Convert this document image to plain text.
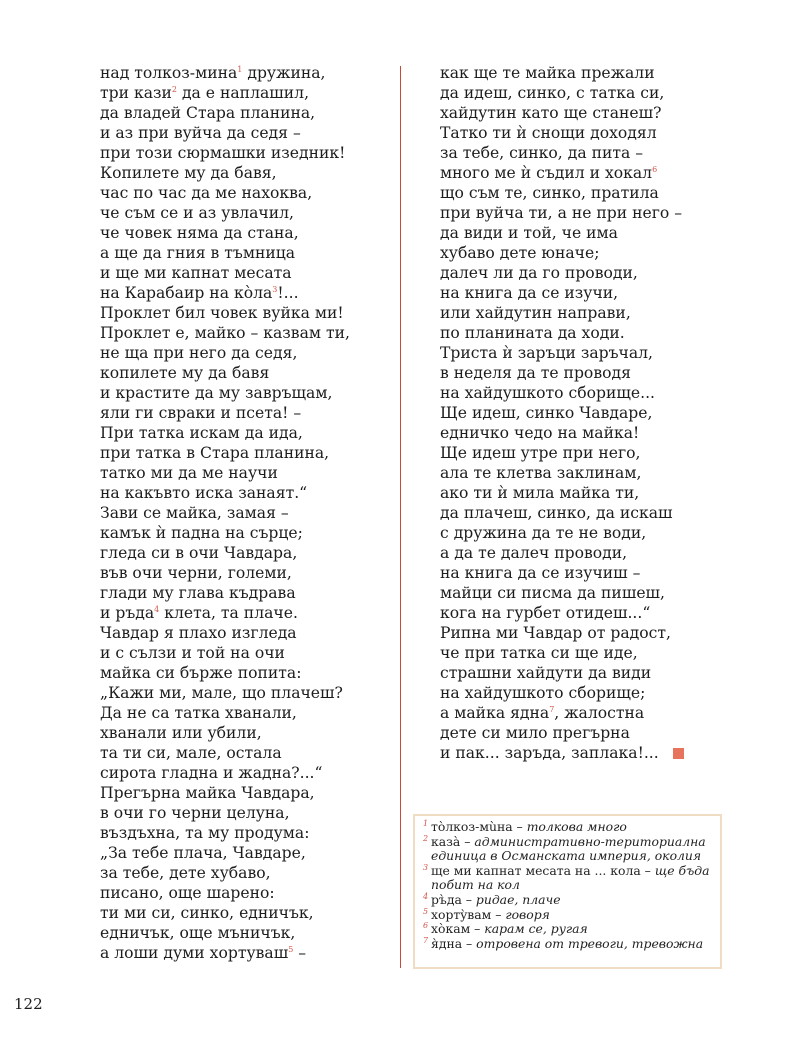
над толкоз-мина$^1$ дружина,
три кази$^2$ да е наплашил,
да владей Стара планина,
и аз при вуйча да седя –
при този сюрмашки изедник!
Копилете му да бавя,
час по час да ме нахоква,
че съм се и аз увлачил,
че човек няма да стана,
а ще да гния в тъмница
и ще ми капнат месата
на Карабаир на кòла$^3$!...
Проклет бил човек вуйка ми!
Проклет е, майко – казвам ти,
не ща при него да седя,
копилете му да бавя
и крастите да му завръщам,
яли ги свраки и псета! –
При татка искам да ида,
при татка в Стара планина,
татко ми да ме научи
на какъвто иска занаят.“
Зави се майка, замая –
камък ѝ падна на сърце;
гледа си в очи Чавдара,
във очи черни, големи,
глади му глава къдрава
и ръда$^4$ клета, та плаче.
Чавдар я плахо изгледа
и с сълзи и той на очи
майка си бърже попита:
„Кажи ми, мале, що плачеш?
Да не са татка хванали,
хванали или убили,
та ти си, мале, остала
сирота гладна и жадна?...“
Прегърна майка Чавдара,
в очи го черни целуна,
въздъхна, та му продума:
„За тебе плача, Чавдаре,
за тебе, дете хубаво,
писано, още шарено:
ти ми си, синко, едничък,
едничък, още мъничък,
а лоши думи хортуваш$^5$ –
как ще те майка прежали
да идеш, синко, с татка си,
хайдутин като ще станеш?
Татко ти ѝ снощи доходял
за тебе, синко, да пита –
много ме ѝ съдил и хокал$^6$
що съм те, синко, пратила
при вуйча ти, а не при него –
да види и той, че има
хубаво дете юначе;
далеч ли да го проводи,
на книга да се изучи,
или хайдутин направи,
по планината да ходи.
Триста ѝ заръци заръчал,
в неделя да те проводя
на хайдушкото сборище...
Ще идеш, синко Чавдаре,
едничко чедо на майка!
Ще идеш утре при него,
ала те клетва заклинам,
ако ти ѝ мила майка ти,
да плачеш, синко, да искаш
с дружина да те не води,
а да те далеч проводи,
на книга да се изучиш –
майци си писма да пишеш,
кога на гурбет отидеш...“
Рипна ми Чавдар от радост,
че при татка си ще иде,
страшни хайдути да види
на хайдушкото сборище;
а майка ядна$^7$, жалостна
дете си мило прегърна
и пак... заръда, заплака!...
1 тòлкоз-мùна – толкова много
2 казà – административно-териториална единица в Османската империя, околия
3 ще ми капнат месата на ... кола – ще бъда побит на кол
4 ръ̀да – ридае, плаче
5 хортỳвам – говоря
6 хòкам – карам се, ругая
7 я̀дна – отровена от тревоги, тревожна
122
